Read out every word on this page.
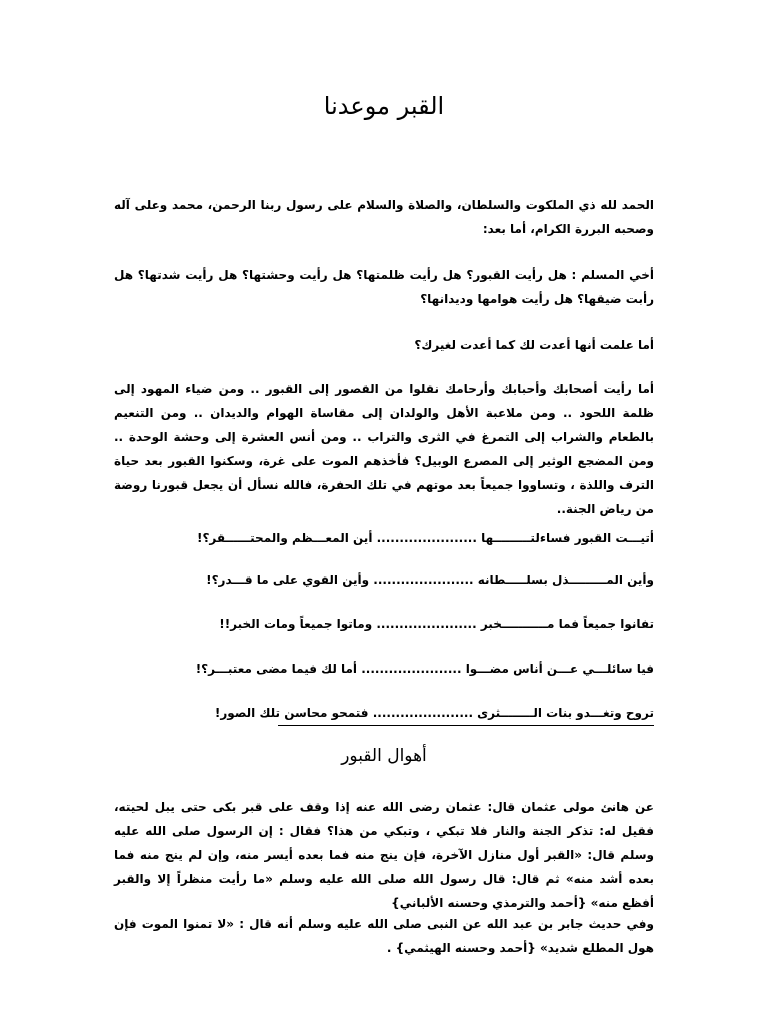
القبر موعدنا

الحمد لله ذي الملكوت والسلطان، والصلاة والسلام على رسول ربنا الرحمن، محمد وعلى آله وصحبه البررة الكرام، أما بعد:

أخي المسلم : هل رأيت القبور؟ هل رأيت ظلمتها؟ هل رأيت وحشتها؟ هل رأيت شدتها؟ هل رأبت ضيقها؟ هل رأيت هوامها وديدانها؟

أما علمت أنها أعدت لك كما أعدت لغيرك؟

أما رأيت أصحابك وأحبابك وأرحامك نقلوا من القصور إلى القبور .. ومن ضياء المهود إلى ظلمة اللحود .. ومن ملاعبة الأهل والولدان إلى مقاساة الهوام والديدان .. ومن التنعيم بالطعام والشراب إلى التمرغ في الثرى والتراب .. ومن أنس العشرة إلى وحشة الوحدة .. ومن المضجع الوثير إلى المصرع الوبيل؟ فأخذهم الموت على غرة، وسكنوا القبور بعد حياة الترف واللذة ، وتساووا جميعاً بعد موتهم في تلك الحفرة، فالله نسأل أن يجعل قبورنا روضة من رياض الجنة..

أتيـــت القبور فساءلتـــــــــها ...................... أين المعـــظم والمحتــــــقر؟!

وأين المـــــــــذل بسلـــــطانه ...................... وأين القوي على ما قـــدر؟!

تفانوا جميعاً فما مـــــــــــخبر ...................... وماتوا جميعاً ومات الخبر!!

فيا سائلـــي عـــن أناس مضـــوا ...................... أما لك فيما مضى معتبـــر؟!

تروح وتغـــدو بنات الــــــــثرى ...................... فتمحو محاسن تلك الصور!

أهوال القبور

عن هانئ مولى عثمان قال: عثمان رضى الله عنه إذا وقف على قبر بكى حتى يبل لحيته، فقيل له: تذكر الجنة والنار فلا تبكي ، وتبكي من هذا؟ فقال : إن الرسول صلى الله عليه وسلم قال: «القبر أول منازل الآخرة، فإن ينج منه فما بعده أيسر منه، وإن لم ينج منه فما بعده أشد منه» ثم قال: قال رسول الله صلى الله عليه وسلم «ما رأيت منظراً إلا والقبر أفظع منه» {أحمد والترمذي وحسنه الألباني}

وفي حديث جابر بن عبد الله عن النبى صلى الله عليه وسلم أنه قال : «لا تمنوا الموت فإن هول المطلع شديد» {أحمد وحسنه الهيثمي} .
